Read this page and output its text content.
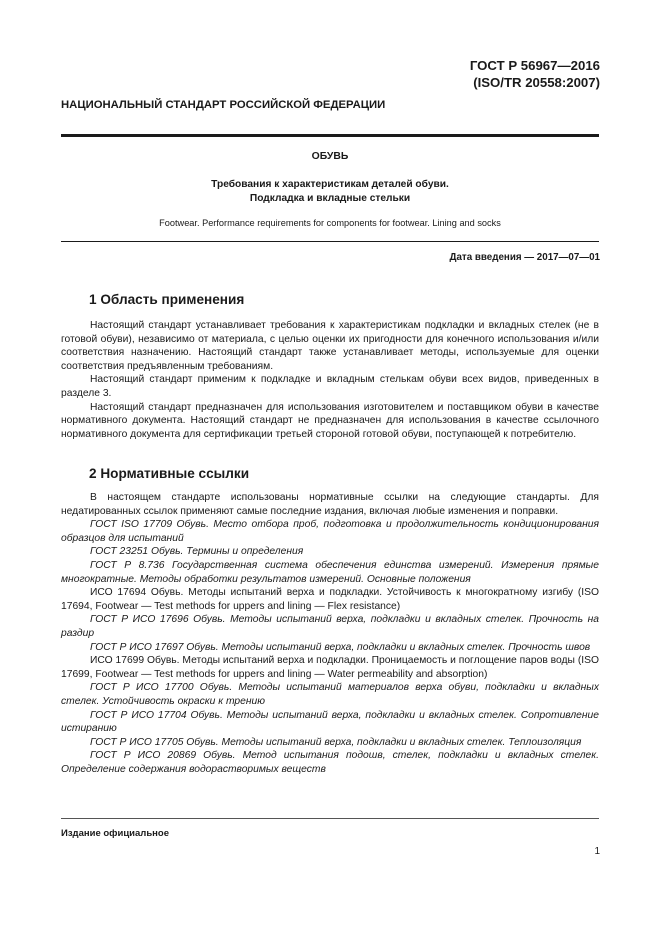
ГОСТ Р 56967—2016
(ISO/TR 20558:2007)
НАЦИОНАЛЬНЫЙ СТАНДАРТ РОССИЙСКОЙ ФЕДЕРАЦИИ
ОБУВЬ
Требования к характеристикам деталей обуви.
Подкладка и вкладные стельки
Footwear. Performance requirements for components for footwear. Lining and socks
Дата введения — 2017—07—01
1 Область применения

Настоящий стандарт устанавливает требования к характеристикам подкладки и вкладных стелек (не в готовой обуви), независимо от материала, с целью оценки их пригодности для конечного использования и/или соответствия назначению. Настоящий стандарт также устанавливает методы, используемые для оценки соответствия предъявленным требованиям.

Настоящий стандарт применим к подкладке и вкладным стелькам обуви всех видов, приведенных в разделе 3.

Настоящий стандарт предназначен для использования изготовителем и поставщиком обуви в качестве нормативного документа. Настоящий стандарт не предназначен для использования в качестве ссылочного нормативного документа для сертификации третьей стороной готовой обуви, поступающей к потребителю.

2 Нормативные ссылки

В настоящем стандарте использованы нормативные ссылки на следующие стандарты. Для недатированных ссылок применяют самые последние издания, включая любые изменения и поправки.

ГОСТ ISO 17709 Обувь. Место отбора проб, подготовка и продолжительность кондиционирования образцов для испытаний

ГОСТ 23251 Обувь. Термины и определения

ГОСТ Р 8.736 Государственная система обеспечения единства измерений. Измерения прямые многократные. Методы обработки результатов измерений. Основные положения

ИСО 17694 Обувь. Методы испытаний верха и подкладки. Устойчивость к многократному изгибу (ISO 17694, Footwear — Test methods for uppers and lining — Flex resistance)

ГОСТ Р ИСО 17696 Обувь. Методы испытаний верха, подкладки и вкладных стелек. Прочность на раздир

ГОСТ Р ИСО 17697 Обувь. Методы испытаний верха, подкладки и вкладных стелек. Прочность швов

ИСО 17699 Обувь. Методы испытаний верха и подкладки. Проницаемость и поглощение паров воды (ISO 17699, Footwear — Test methods for uppers and lining — Water permeability and absorption)

ГОСТ Р ИСО 17700 Обувь. Методы испытаний материалов верха обуви, подкладки и вкладных стелек. Устойчивость окраски к трению

ГОСТ Р ИСО 17704 Обувь. Методы испытаний верха, подкладки и вкладных стелек. Сопротивление истиранию

ГОСТ Р ИСО 17705 Обувь. Методы испытаний верха, подкладки и вкладных стелек. Теплоизоляция

ГОСТ Р ИСО 20869 Обувь. Метод испытания подошв, стелек, подкладки и вкладных стелек. Определение содержания водорастворимых веществ

Издание официальное
1
